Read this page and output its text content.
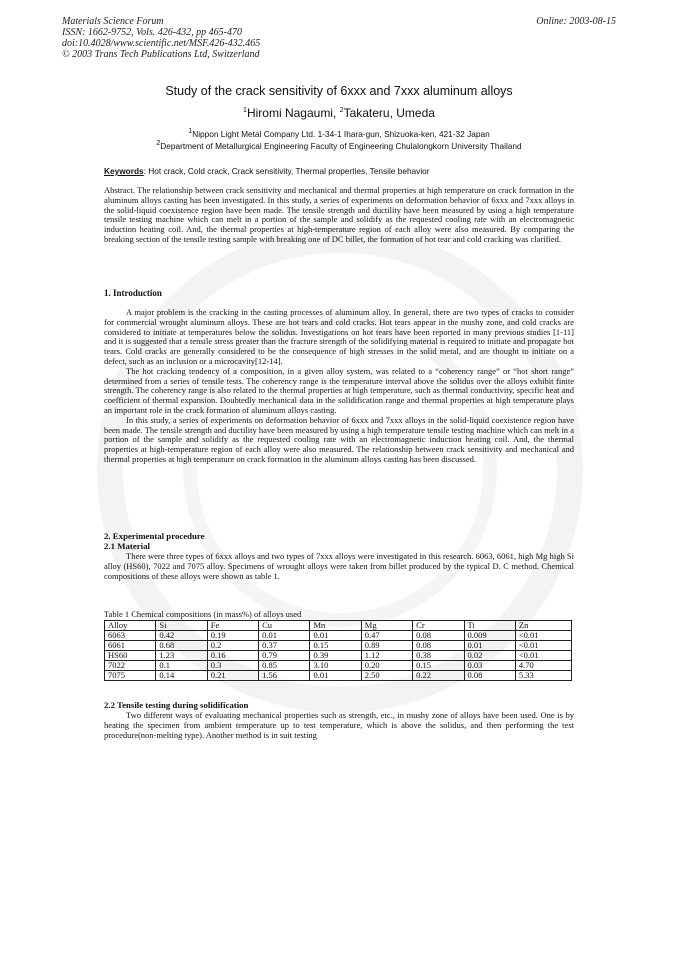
Materials Science Forum
ISSN: 1662-9752, Vols. 426-432, pp 465-470
doi:10.4028/www.scientific.net/MSF.426-432.465
© 2003 Trans Tech Publications Ltd, Switzerland
Online: 2003-08-15
Study of the crack sensitivity of 6xxx and 7xxx aluminum alloys
$^1$Hiromi Nagaumi, $^2$Takateru, Umeda
$^1$Nippon Light Metal Company Ltd. 1-34-1 Ihara-gun, Shizuoka-ken, 421-32 Japan
$^2$Department of Metallurgical Engineering Faculty of Engineering Chulalongkorn University Thailand
Keywords: Hot crack, Cold crack, Crack sensitivity, Thermal properties, Tensile behavior
Abstract. The relationship between crack sensitivity and mechanical and thermal properties at high temperature on crack formation in the aluminum alloys casting has been investigated. In this study, a series of experiments on deformation behavior of 6xxx and 7xxx alloys in the solid-liquid coexistence region have been made. The tensile strength and ductility have been measured by using a high temperature tensile testing machine which can melt in a portion of the sample and solidify as the requested cooling rate with an electromagnetic induction heating coil. And, the thermal properties at high-temperature region of each alloy were also measured. By comparing the breaking section of the tensile testing sample with breaking one of DC billet, the formation of hot tear and cold cracking was clarified.
1. Introduction

A major problem is the cracking in the casting processes of aluminum alloy. In general, there are two types of cracks to consider for commercial wrought aluminum alloys. These are hot tears and cold cracks. Hot tears appear in the mushy zone, and cold cracks are considered to initiate at temperatures below the solidus. Investigations on hot tears have been reported in many previous studies [1-11] and it is suggested that a tensile stress greater than the fracture strength of the solidifying material is required to initiate and propagate hot tears. Cold cracks are generally considered to be the consequence of high stresses in the solid metal, and are thought to initiate on a defect, such as an inclusion or a microcavity[12-14].

The hot cracking tendency of a composition, in a given alloy system, was related to a “coherency range” or “hot short range” determined from a series of tensile tests. The coherency range is the temperature interval above the solidus over the alloys exhibit finite strength. The coherency range is also related to the thermal properties at high temperature, such as thermal conductivity, specific heat and coefficient of thermal expansion. Doubtedly mechanical data in the solidification range and thermal properties at high temperature plays an important role in the crack formation of aluminum alloys casting.

In this study, a series of experiments on deformation behavior of 6xxx and 7xxx alloys in the solid-liquid coexistence region have been made. The tensile strength and ductility have been measured by using a high temperature tensile testing machine which can melt in a portion of the sample and solidify as the requested cooling rate with an electromagnetic induction heating coil. And, the thermal properties at high-temperature region of each alloy were also measured. The relationship between crack sensitivity and mechanical and thermal properties at high temperature on crack formation in the aluminum alloys casting has been discussed.

2. Experimental procedure
2.1 Material

There were three types of 6xxx alloys and two types of 7xxx alloys were investigated in this research. 6063, 6061, high Mg high Si alloy (HS60), 7022 and 7075 alloy. Specimens of wrought alloys were taken from billet produced by the typical D. C method. Chemical compositions of these alloys were shown as table 1.

Table 1 Chemical compositions (in mass%) of alloys used
Alloy	Si	Fe	Cu	Mn	Mg	Cr	Ti	Zn
6063	0.42	0.19	0.01	0.01	0.47	0.08	0.009	<0.01
6061	0.68	0.2	0.37	0.15	0.89	0.08	0.01	<0.01
HS60	1.23	0.16	0.79	0.39	1.12	0.38	0.02	<0.01
7022	0.1	0.3	0.85	3.10	0.20	0.15	0.03	4.70
7075	0.14	0.21	1.56	0.01	2.50	0.22	0.08	5.33
2.2 Tensile testing during solidification

Two different ways of evaluating mechanical properties such as strength, etc., in mushy zone of alloys have been used. One is by heating the specimen from ambient temperature up to test temperature, which is above the solidus, and then performing the test procedure(non-melting type). Another method is in suit testing
